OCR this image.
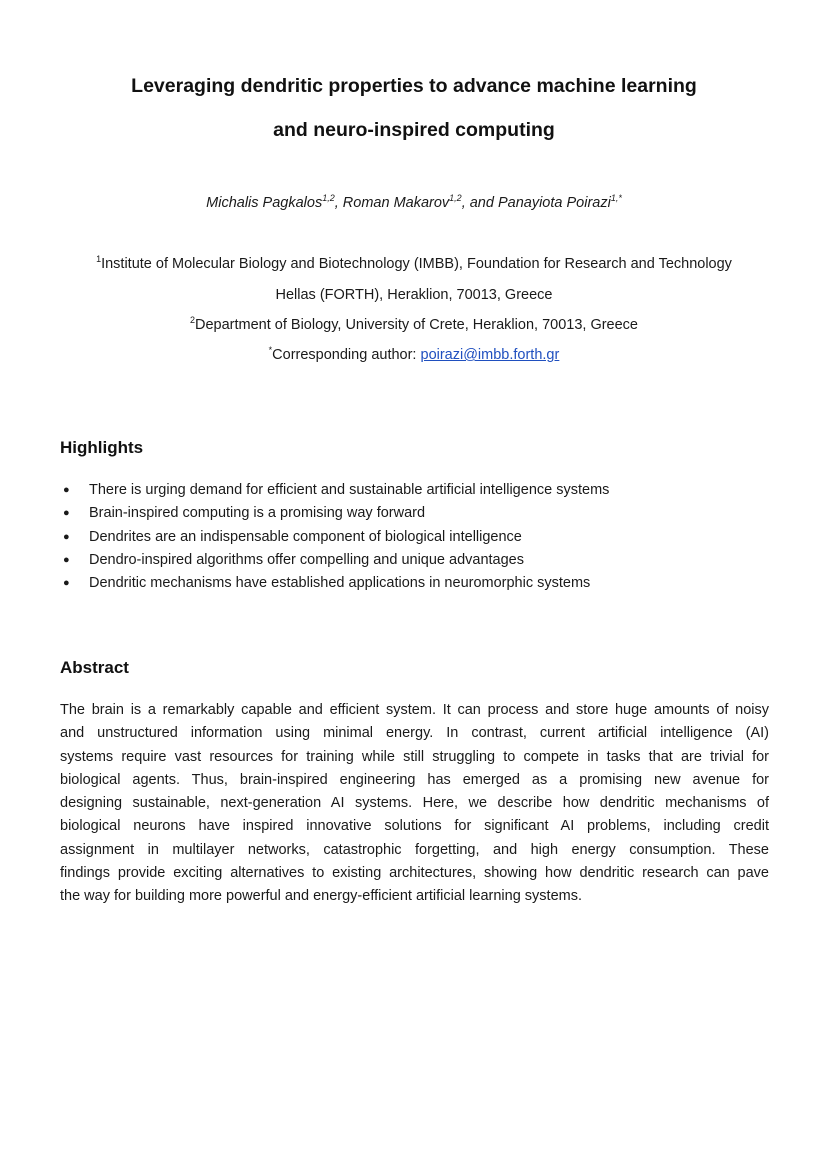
Leveraging dendritic properties to advance machine learning
and neuro-inspired computing
Michalis Pagkalos$^{1,2}$, Roman Makarov$^{1,2}$, and Panayiota Poirazi$^{1,*}$
$^1$Institute of Molecular Biology and Biotechnology (IMBB), Foundation for Research and Technology
Hellas (FORTH), Heraklion, 70013, Greece
$^2$Department of Biology, University of Crete, Heraklion, 70013, Greece
*Corresponding author: poirazi@imbb.forth.gr
Highlights
● There is urging demand for efficient and sustainable artificial intelligence systems
● Brain-inspired computing is a promising way forward
● Dendrites are an indispensable component of biological intelligence
● Dendro-inspired algorithms offer compelling and unique advantages
● Dendritic mechanisms have established applications in neuromorphic systems
Abstract
The brain is a remarkably capable and efficient system. It can process and store huge amounts of noisy
and unstructured information using minimal energy. In contrast, current artificial intelligence (AI)
systems require vast resources for training while still struggling to compete in tasks that are trivial for
biological agents. Thus, brain-inspired engineering has emerged as a promising new avenue for
designing sustainable, next-generation AI systems. Here, we describe how dendritic mechanisms of
biological neurons have inspired innovative solutions for significant AI problems, including credit
assignment in multilayer networks, catastrophic forgetting, and high energy consumption. These
findings provide exciting alternatives to existing architectures, showing how dendritic research can pave
the way for building more powerful and energy-efficient artificial learning systems.
